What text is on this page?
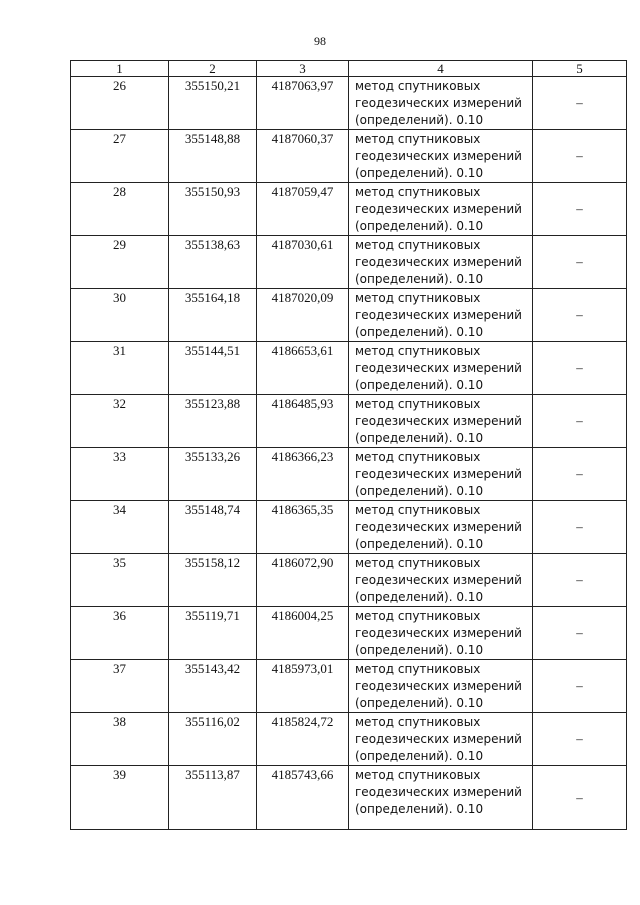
98
1	2	3	4	5
26	355150,21	4187063,97	метод спутниковых геодезических измерений (определений). 0.10	–
27	355148,88	4187060,37	метод спутниковых геодезических измерений (определений). 0.10	–
28	355150,93	4187059,47	метод спутниковых геодезических измерений (определений). 0.10	–
29	355138,63	4187030,61	метод спутниковых геодезических измерений (определений). 0.10	–
30	355164,18	4187020,09	метод спутниковых геодезических измерений (определений). 0.10	–
31	355144,51	4186653,61	метод спутниковых геодезических измерений (определений). 0.10	–
32	355123,88	4186485,93	метод спутниковых геодезических измерений (определений). 0.10	–
33	355133,26	4186366,23	метод спутниковых геодезических измерений (определений). 0.10	–
34	355148,74	4186365,35	метод спутниковых геодезических измерений (определений). 0.10	–
35	355158,12	4186072,90	метод спутниковых геодезических измерений (определений). 0.10	–
36	355119,71	4186004,25	метод спутниковых геодезических измерений (определений). 0.10	–
37	355143,42	4185973,01	метод спутниковых геодезических измерений (определений). 0.10	–
38	355116,02	4185824,72	метод спутниковых геодезических измерений (определений). 0.10	–
39	355113,87	4185743,66	метод спутниковых геодезических измерений (определений). 0.10	–
